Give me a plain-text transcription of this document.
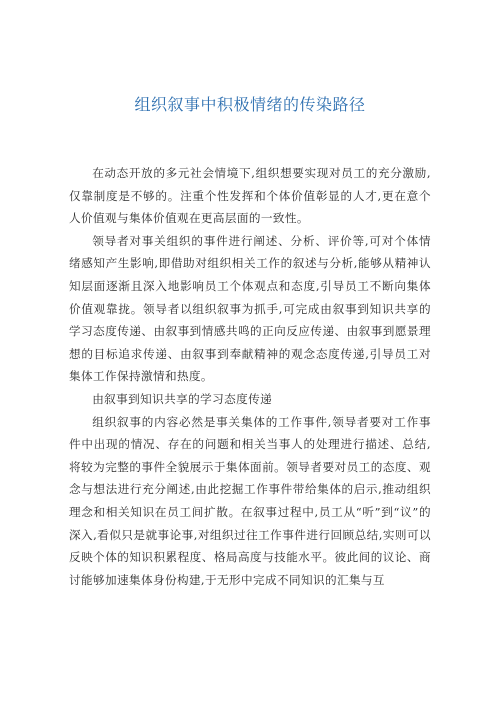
组织叙事中积极情绪的传染路径

在动态开放的多元社会情境下,组织想要实现对员工的充分激励,仅靠制度是不够的。注重个性发挥和个体价值彰显的人才,更在意个人价值观与集体价值观在更高层面的一致性。

领导者对事关组织的事件进行阐述、分析、评价等,可对个体情绪感知产生影响,即借助对组织相关工作的叙述与分析,能够从精神认知层面逐渐且深入地影响员工个体观点和态度,引导员工不断向集体价值观靠拢。领导者以组织叙事为抓手,可完成由叙事到知识共享的学习态度传递、由叙事到情感共鸣的正向反应传递、由叙事到愿景理想的目标追求传递、由叙事到奉献精神的观念态度传递,引导员工对集体工作保持激情和热度。

由叙事到知识共享的学习态度传递

组织叙事的内容必然是事关集体的工作事件,领导者要对工作事件中出现的情况、存在的问题和相关当事人的处理进行描述、总结,将较为完整的事件全貌展示于集体面前。领导者要对员工的态度、观念与想法进行充分阐述,由此挖掘工作事件带给集体的启示,推动组织理念和相关知识在员工间扩散。在叙事过程中,员工从“听”到“议”的深入,看似只是就事论事,对组织过往工作事件进行回顾总结,实则可以反映个体的知识积累程度、格局高度与技能水平。彼此间的议论、商讨能够加速集体身份构建,于无形中完成不同知识的汇集与互
